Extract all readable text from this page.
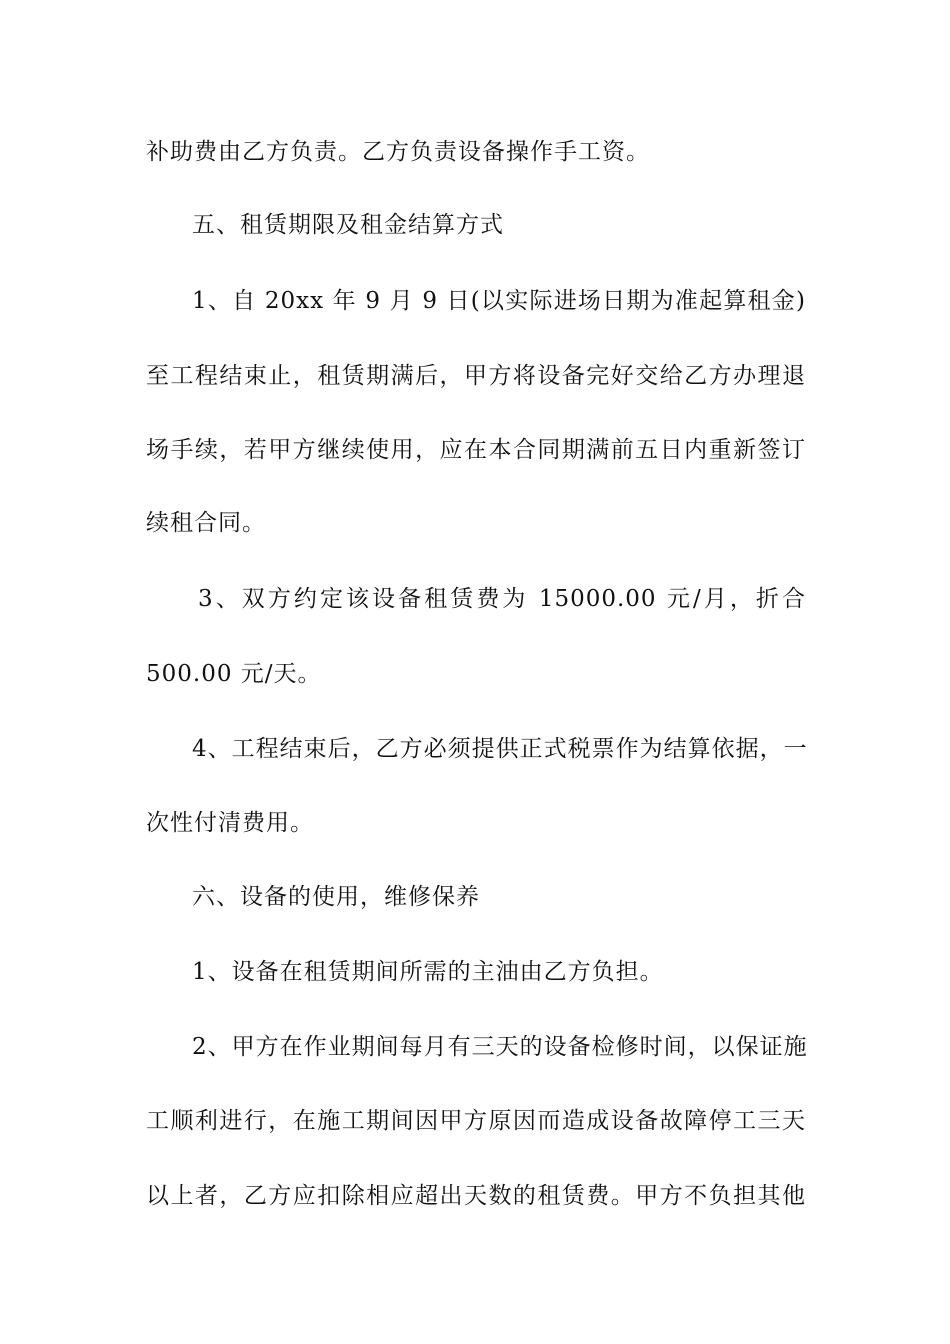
补助费由乙方负责。乙方负责设备操作手工资。
五、租赁期限及租金结算方式
1、自 20xx 年 9 月 9 日(以实际进场日期为准起算租金)
至工程结束止，租赁期满后，甲方将设备完好交给乙方办理退
场手续，若甲方继续使用，应在本合同期满前五日内重新签订
续租合同。
3、双方约定该设备租赁费为 15000.00 元/月，折合
500.00 元/天。
4、工程结束后，乙方必须提供正式税票作为结算依据，一
次性付清费用。
六、设备的使用，维修保养
1、设备在租赁期间所需的主油由乙方负担。
2、甲方在作业期间每月有三天的设备检修时间，以保证施
工顺利进行，在施工期间因甲方原因而造成设备故障停工三天
以上者，乙方应扣除相应超出天数的租赁费。甲方不负担其他
